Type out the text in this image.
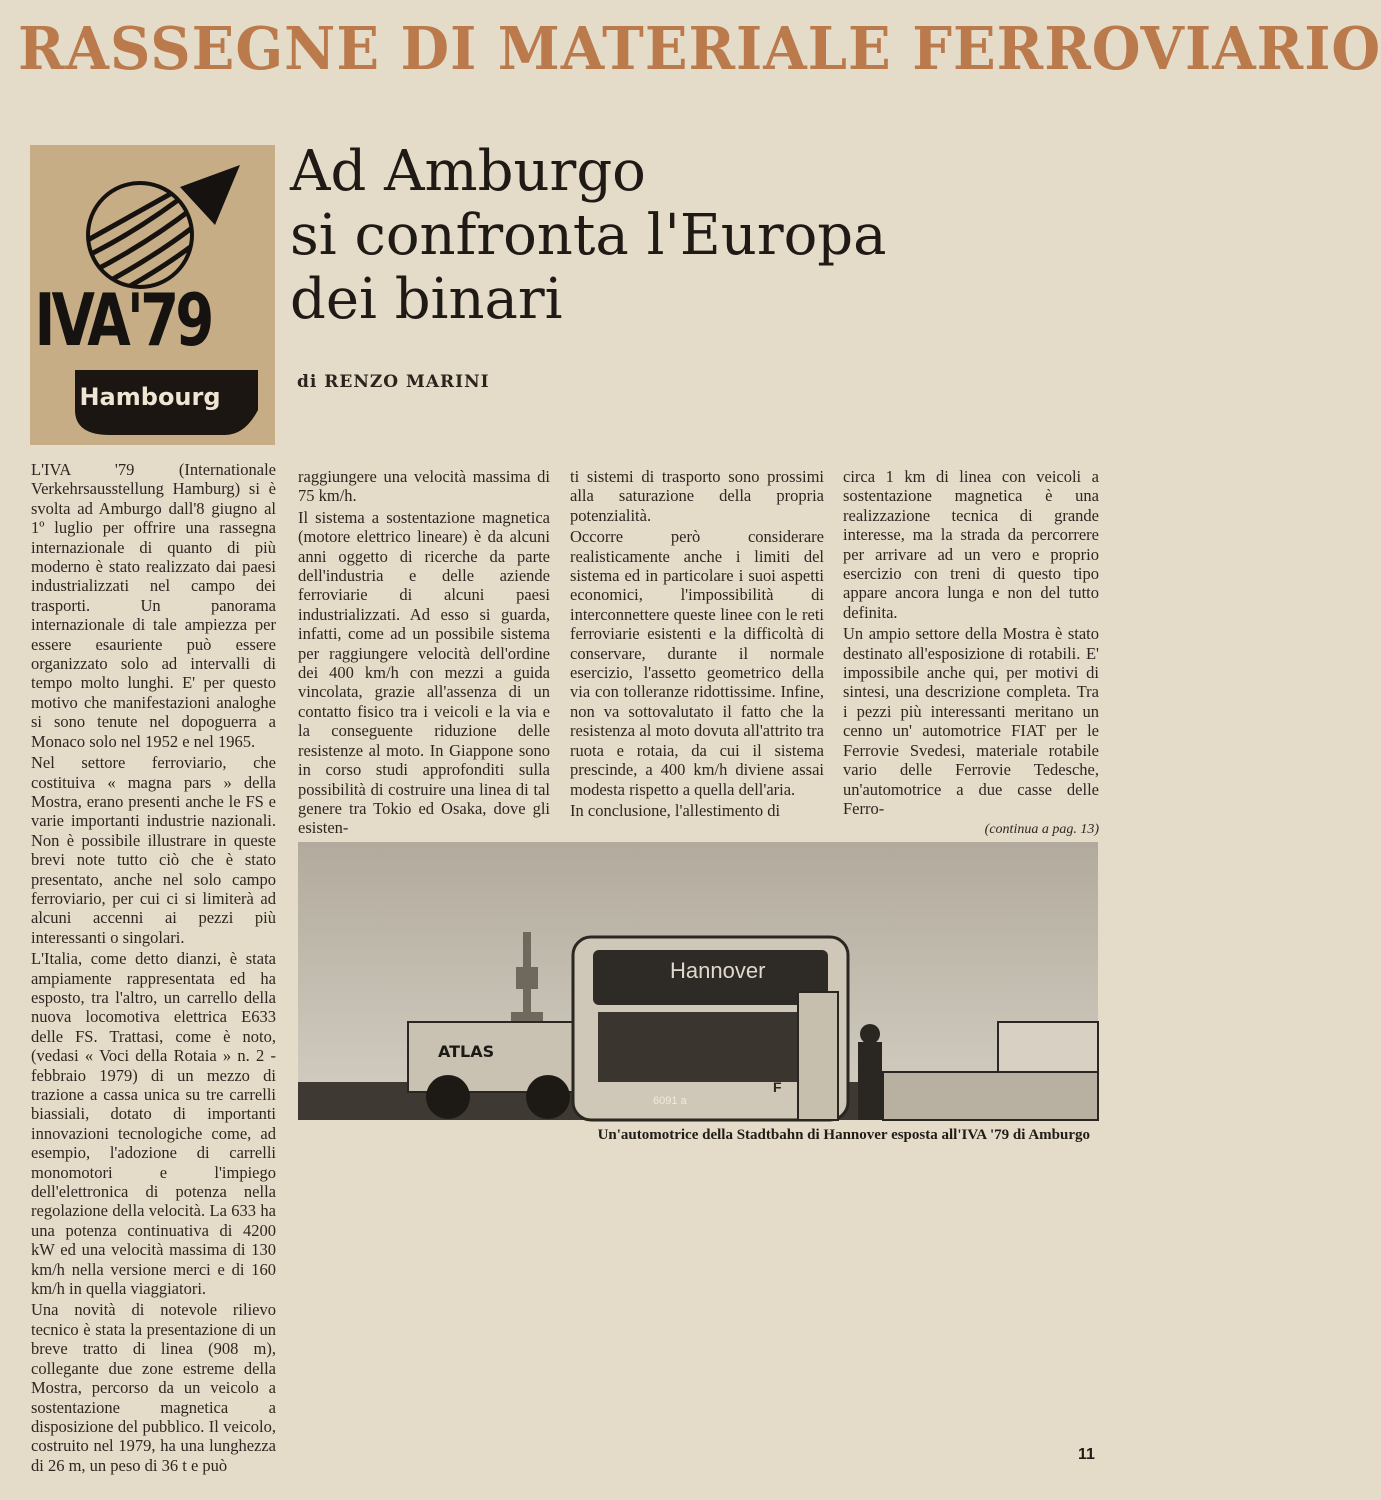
RASSEGNE DI MATERIALE FERROVIARIO
IVA'79
Hambourg
Ad Amburgo
si confronta l'Europa
dei binari
di RENZO MARINI

L'IVA '79 (Internationale Verkehrsausstellung Hamburg) si è svolta ad Amburgo dall'8 giugno al 1º luglio per offrire una rassegna internazionale di quanto di più moderno è stato realizzato dai paesi industrializzati nel campo dei trasporti. Un panorama internazionale di tale ampiezza per essere esauriente può essere organizzato solo ad intervalli di tempo molto lunghi. E' per questo motivo che manifestazioni analoghe si sono tenute nel dopoguerra a Monaco solo nel 1952 e nel 1965.

Nel settore ferroviario, che costituiva « magna pars » della Mostra, erano presenti anche le FS e varie importanti industrie nazionali. Non è possibile illustrare in queste brevi note tutto ciò che è stato presentato, anche nel solo campo ferroviario, per cui ci si limiterà ad alcuni accenni ai pezzi più interessanti o singolari.

L'Italia, come detto dianzi, è stata ampiamente rappresentata ed ha esposto, tra l'altro, un carrello della nuova locomotiva elettrica E633 delle FS. Trattasi, come è noto, (vedasi « Voci della Rotaia » n. 2 - febbraio 1979) di un mezzo di trazione a cassa unica su tre carrelli biassiali, dotato di importanti innovazioni tecnologiche come, ad esempio, l'adozione di carrelli monomotori e l'impiego dell'elettronica di potenza nella regolazione della velocità. La 633 ha una potenza continuativa di 4200 kW ed una velocità massima di 130 km/h nella versione merci e di 160 km/h in quella viaggiatori.

Una novità di notevole rilievo tecnico è stata la presentazione di un breve tratto di linea (908 m), collegante due zone estreme della Mostra, percorso da un veicolo a sostentazione magnetica a disposizione del pubblico. Il veicolo, costruito nel 1979, ha una lunghezza di 26 m, un peso di 36 t e può

raggiungere una velocità massima di 75 km/h.

Il sistema a sostentazione magnetica (motore elettrico lineare) è da alcuni anni oggetto di ricerche da parte dell'industria e delle aziende ferroviarie di alcuni paesi industrializzati. Ad esso si guarda, infatti, come ad un possibile sistema per raggiungere velocità dell'ordine dei 400 km/h con mezzi a guida vincolata, grazie all'assenza di un contatto fisico tra i veicoli e la via e la conseguente riduzione delle resistenze al moto. In Giappone sono in corso studi approfonditi sulla possibilità di costruire una linea di tal genere tra Tokio ed Osaka, dove gli esisten-

ti sistemi di trasporto sono prossimi alla saturazione della propria potenzialità.

Occorre però considerare realisticamente anche i limiti del sistema ed in particolare i suoi aspetti economici, l'impossibilità di interconnettere queste linee con le reti ferroviarie esistenti e la difficoltà di conservare, durante il normale esercizio, l'assetto geometrico della via con tolleranze ridottissime. Infine, non va sottovalutato il fatto che la resistenza al moto dovuta all'attrito tra ruota e rotaia, da cui il sistema prescinde, a 400 km/h diviene assai modesta rispetto a quella dell'aria.

In conclusione, l'allestimento di

circa 1 km di linea con veicoli a sostentazione magnetica è una realizzazione tecnica di grande interesse, ma la strada da percorrere per arrivare ad un vero e proprio esercizio con treni di questo tipo appare ancora lunga e non del tutto definita.

Un ampio settore della Mostra è stato destinato all'esposizione di rotabili. E' impossibile anche qui, per motivi di sintesi, una descrizione completa. Tra i pezzi più interessanti meritano un cenno un' automotrice FIAT per le Ferrovie Svedesi, materiale rotabile vario delle Ferrovie Tedesche, un'automotrice a due casse delle Ferro-

(continua a pag. 13)

ATLAS
Hannover
6091 a
F
Un'automotrice della Stadtbahn di Hannover esposta all'IVA '79 di Amburgo
11
